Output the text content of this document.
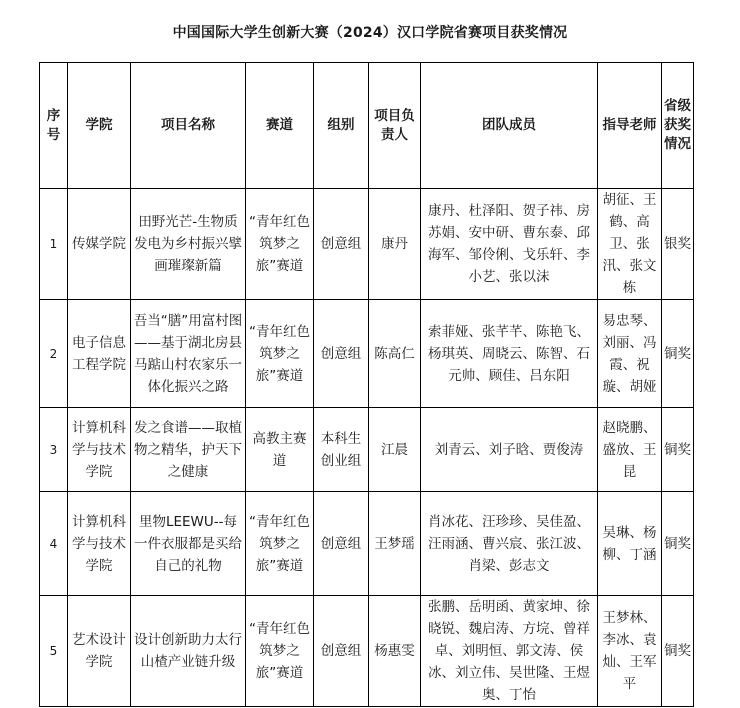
中国国际大学生创新大赛（2024）汉口学院省赛项目获奖情况
序号	学院	项目名称	赛道	组别	项目负责人	团队成员	指导老师	省级获奖情况
1	传媒学院	田野光芒-生物质发电为乡村振兴擘画璀璨新篇	“青年红色筑梦之旅”赛道	创意组	康丹	康丹、杜泽阳、贺子祎、房苏娟、安中研、曹东泰、邱海军、邹伶俐、戈乐轩、李小艺、张以沫	胡征、王鹤、高卫、张汛、张文栋	银奖
2	电子信息工程学院	吾当“膳”用富村图——基于湖北房县马踮山村农家乐一体化振兴之路	“青年红色筑梦之旅”赛道	创意组	陈高仁	索菲娅、张芊芊、陈艳飞、杨琪英、周晓云、陈智、石元帅、顾佳、吕东阳	易忠琴、刘丽、冯霞、祝璇、胡娅	铜奖
3	计算机科学与技术学院	发之食谱——取植物之精华，护天下之健康	高教主赛道	本科生创业组	江晨	刘青云、刘子晗、贾俊涛	赵晓鹏、盛放、王昆	铜奖
4	计算机科学与技术学院	里物LEEWU--每一件衣服都是买给自己的礼物	“青年红色筑梦之旅”赛道	创意组	王梦瑶	肖冰花、汪珍珍、吴佳盈、汪雨涵、曹兴宸、张江波、肖梁、彭志文	吴琳、杨柳、丁涵	铜奖
5	艺术设计学院	设计创新助力太行山楂产业链升级	“青年红色筑梦之旅”赛道	创意组	杨惠雯	张鹏、岳明函、黄家坤、徐晓锐、魏启涛、方垸、曾祥卓、刘明恒、郭文涛、侯冰、刘立伟、吴世隆、王煜奥、丁怡	王梦林、李冰、袁灿、王军平	铜奖
